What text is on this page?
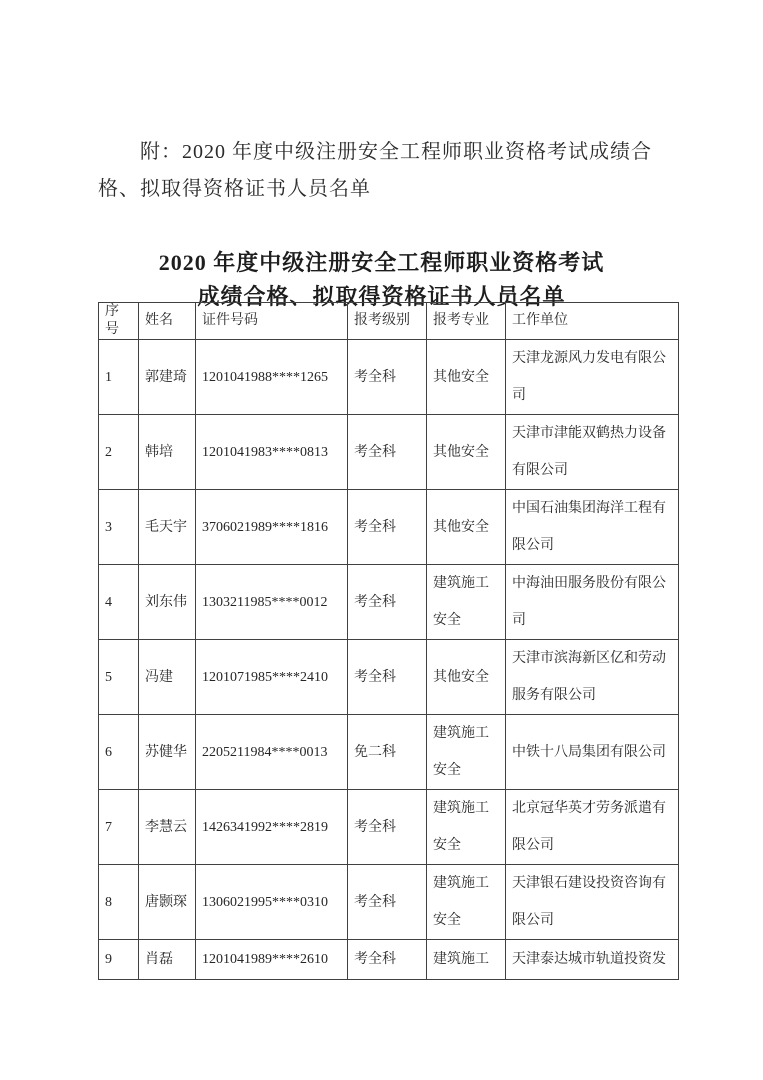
附：2020 年度中级注册安全工程师职业资格考试成绩合
格、拟取得资格证书人员名单

2020 年度中级注册安全工程师职业资格考试
成绩合格、拟取得资格证书人员名单
序号	姓名	证件号码	报考级别	报考专业	工作单位
1	郭建琦	1201041988****1265	考全科	其他安全	天津龙源风力发电有限公司
2	韩培	1201041983****0813	考全科	其他安全	天津市津能双鹤热力设备有限公司
3	毛天宇	3706021989****1816	考全科	其他安全	中国石油集团海洋工程有限公司
4	刘东伟	1303211985****0012	考全科	建筑施工安全	中海油田服务股份有限公司
5	冯建	1201071985****2410	考全科	其他安全	天津市滨海新区亿和劳动服务有限公司
6	苏健华	2205211984****0013	免二科	建筑施工安全	中铁十八局集团有限公司
7	李慧云	1426341992****2819	考全科	建筑施工安全	北京冠华英才劳务派遣有限公司
8	唐颢琛	1306021995****0310	考全科	建筑施工安全	天津银石建设投资咨询有限公司
9	肖磊	1201041989****2610	考全科	建筑施工	天津泰达城市轨道投资发
